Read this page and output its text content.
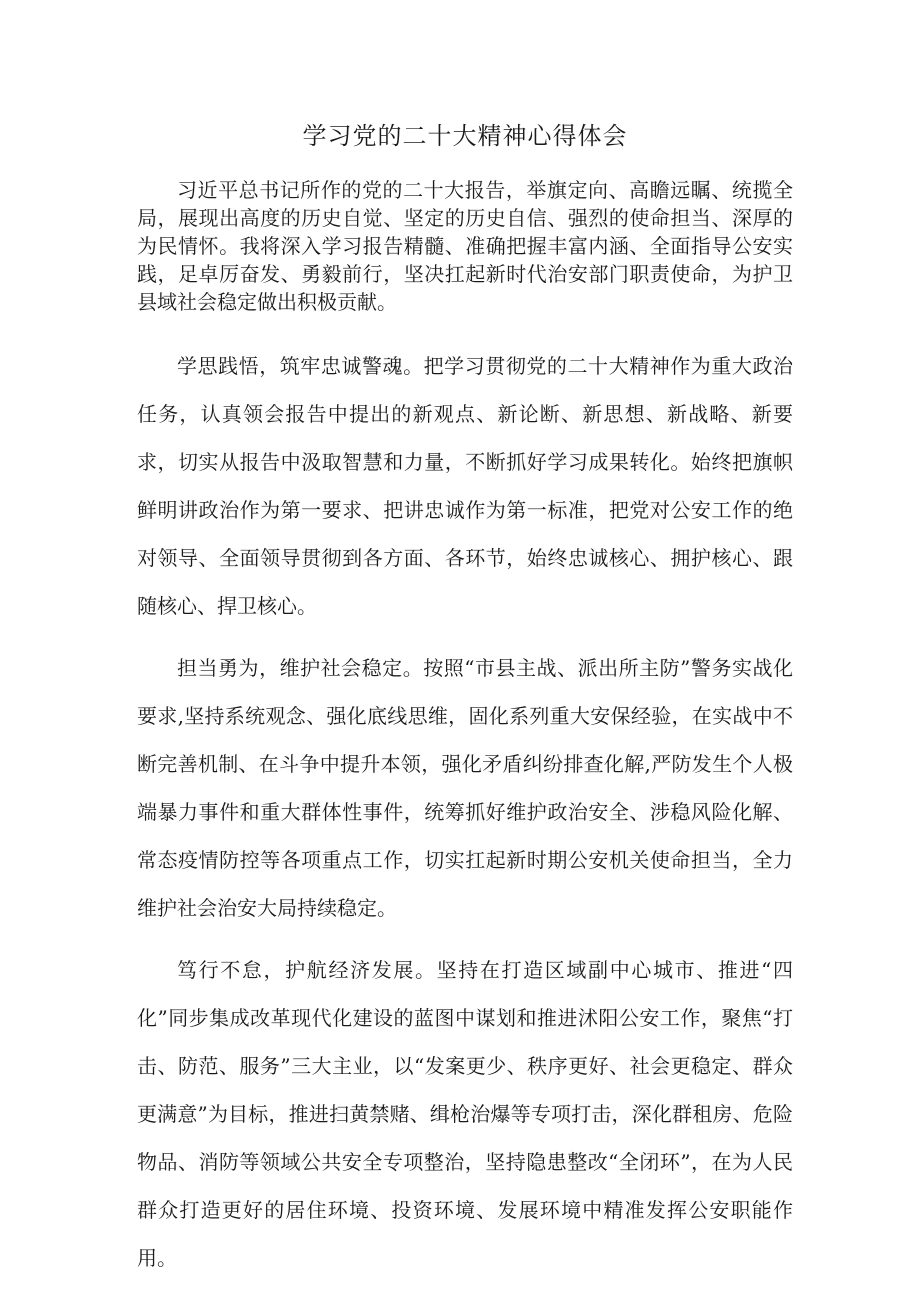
学习党的二十大精神心得体会

习近平总书记所作的党的二十大报告，举旗定向、高瞻远瞩、统揽全局，展现出高度的历史自觉、坚定的历史自信、强烈的使命担当、深厚的为民情怀。我将深入学习报告精髓、准确把握丰富内涵、全面指导公安实践，足卓厉奋发、勇毅前行，坚决扛起新时代治安部门职责使命，为护卫县域社会稳定做出积极贡献。

学思践悟，筑牢忠诚警魂。把学习贯彻党的二十大精神作为重大政治任务，认真领会报告中提出的新观点、新论断、新思想、新战略、新要求，切实从报告中汲取智慧和力量，不断抓好学习成果转化。始终把旗帜鲜明讲政治作为第一要求、把讲忠诚作为第一标准，把党对公安工作的绝对领导、全面领导贯彻到各方面、各环节，始终忠诚核心、拥护核心、跟随核心、捍卫核心。

担当勇为，维护社会稳定。按照“市县主战、派出所主防”警务实战化要求,坚持系统观念、强化底线思维，固化系列重大安保经验，在实战中不断完善机制、在斗争中提升本领，强化矛盾纠纷排查化解,严防发生个人极端暴力事件和重大群体性事件，统筹抓好维护政治安全、涉稳风险化解、常态疫情防控等各项重点工作，切实扛起新时期公安机关使命担当，全力维护社会治安大局持续稳定。

笃行不怠，护航经济发展。坚持在打造区域副中心城市、推进“四化”同步集成改革现代化建设的蓝图中谋划和推进沭阳公安工作，聚焦“打击、防范、服务”三大主业，以“发案更少、秩序更好、社会更稳定、群众更满意”为目标，推进扫黄禁赌、缉枪治爆等专项打击，深化群租房、危险物品、消防等领域公共安全专项整治，坚持隐患整改“全闭环”，在为人民群众打造更好的居住环境、投资环境、发展环境中精准发挥公安职能作用。
